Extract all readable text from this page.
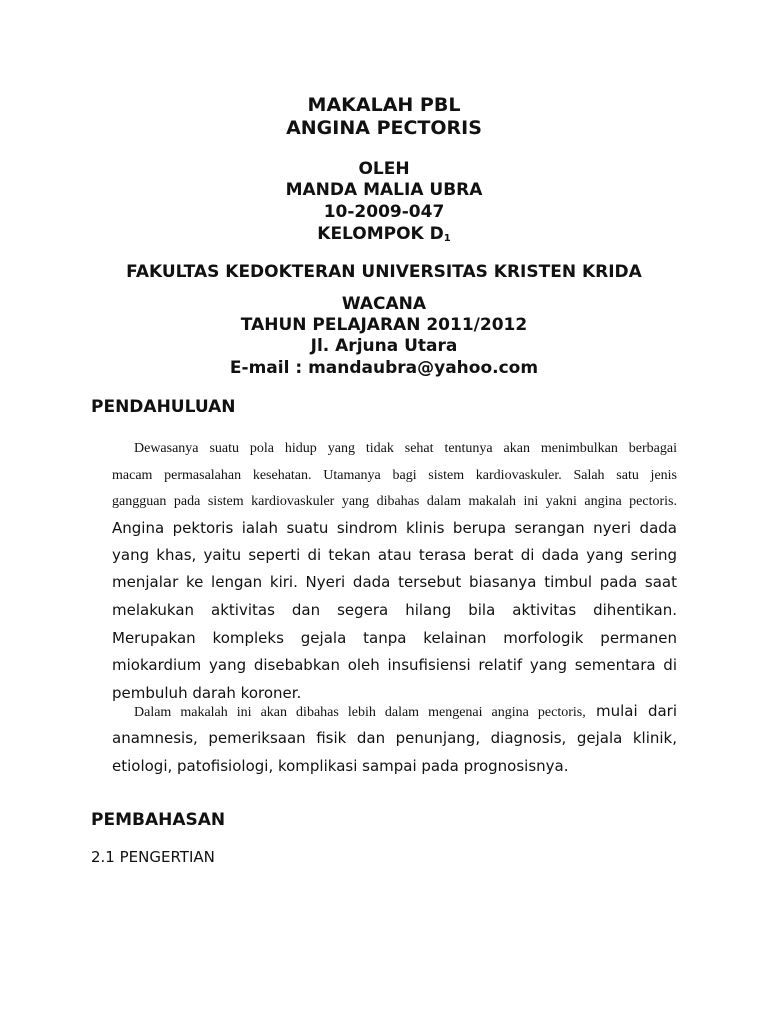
MAKALAH PBL
ANGINA PECTORIS
OLEH
MANDA MALIA UBRA
10-2009-047
KELOMPOK $D_1$
FAKULTAS KEDOKTERAN UNIVERSITAS KRISTEN KRIDA
WACANA
TAHUN PELAJARAN 2011/2012
Jl. Arjuna Utara
E-mail : mandaubra@yahoo.com
PENDAHULUAN
Dewasanya suatu pola hidup yang tidak sehat tentunya akan menimbulkan berbagai
macam permasalahan kesehatan. Utamanya bagi sistem kardiovaskuler. Salah satu jenis
gangguan pada sistem kardiovaskuler yang dibahas dalam makalah ini yakni angina pectoris.
Angina pektoris ialah suatu sindrom klinis berupa serangan nyeri dada
yang khas, yaitu seperti di tekan atau terasa berat di dada yang sering
menjalar ke lengan kiri. Nyeri dada tersebut biasanya timbul pada saat
melakukan aktivitas dan segera hilang bila aktivitas dihentikan.
Merupakan kompleks gejala tanpa kelainan morfologik permanen
miokardium yang disebabkan oleh insufisiensi relatif yang sementara di
pembuluh darah koroner.
Dalam makalah ini akan dibahas lebih dalam mengenai angina pectoris, mulai dari
anamnesis, pemeriksaan fisik dan penunjang, diagnosis, gejala klinik,
etiologi, patofisiologi, komplikasi sampai pada prognosisnya.
PEMBAHASAN
2.1 PENGERTIAN
